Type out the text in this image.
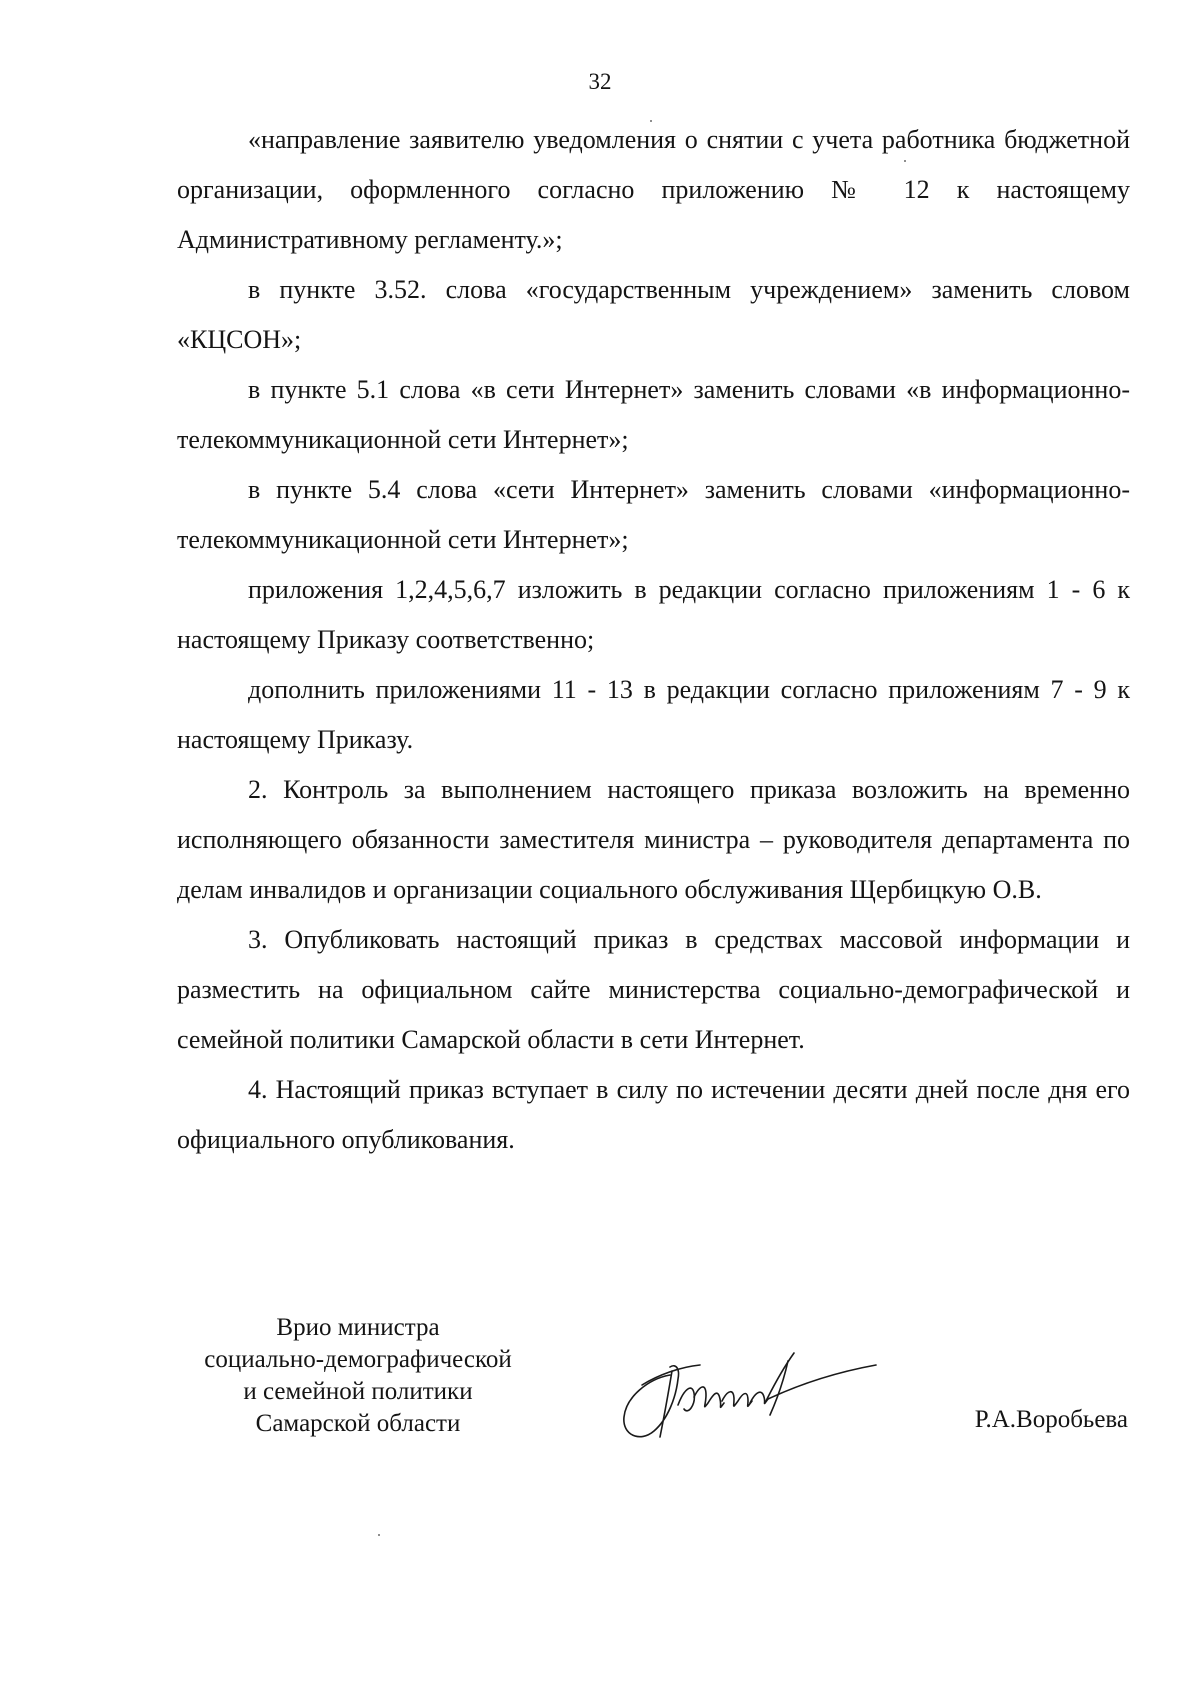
32

«направление заявителю уведомления о снятии с учета работника бюджетной организации, оформленного согласно приложению № 12 к настоящему Административному регламенту.»;

в пункте 3.52. слова «государственным учреждением» заменить словом «КЦСОН»;

в пункте 5.1 слова «в сети Интернет» заменить словами «в информационно-телекоммуникационной сети Интернет»;

в пункте 5.4 слова «сети Интернет» заменить словами «информационно-телекоммуникационной сети Интернет»;

приложения 1,2,4,5,6,7 изложить в редакции согласно приложениям 1 - 6 к настоящему Приказу соответственно;

дополнить приложениями 11 - 13 в редакции согласно приложениям 7 - 9 к настоящему Приказу.

2. Контроль за выполнением настоящего приказа возложить на временно исполняющего обязанности заместителя министра – руководителя департамента по делам инвалидов и организации социального обслуживания Щербицкую О.В.

3. Опубликовать настоящий приказ в средствах массовой информации и разместить на официальном сайте министерства социально-демографической и семейной политики Самарской области в сети Интернет.

4. Настоящий приказ вступает в силу по истечении десяти дней после дня его официального опубликования.

Врио министра
социально-демографической
и семейной политики
Самарской области	Р.А.Воробьева
